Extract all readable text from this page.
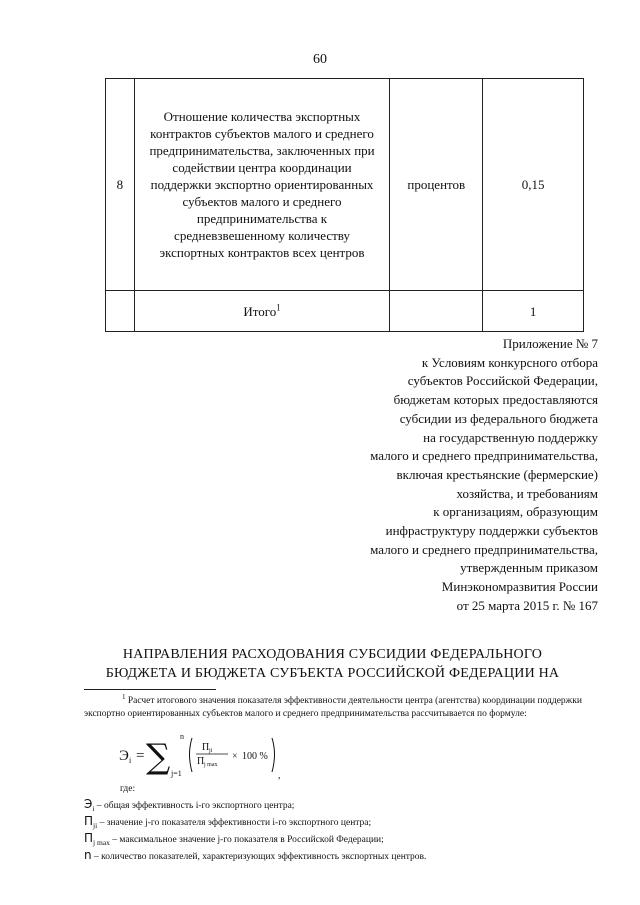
60
8	Отношение количества экспортных контрактов субъектов малого и среднего предпринимательства, заключенных при содействии центра координации поддержки экспортно ориентированных субъектов малого и среднего предпринимательства к средневзвешенному количеству экспортных контрактов всех центров	процентов	0,15
	Итого$^1$		1
Приложение № 7
к Условиям конкурсного отбора
субъектов Российской Федерации,
бюджетам которых предоставляются
субсидии из федерального бюджета
на государственную поддержку
малого и среднего предпринимательства,
включая крестьянские (фермерские)
хозяйства, и требованиям
к организациям, образующим
инфраструктуру поддержки субъектов
малого и среднего предпринимательства,
утвержденным приказом
Минэкономразвития России
от 25 марта 2015 г. № 167
НАПРАВЛЕНИЯ РАСХОДОВАНИЯ СУБСИДИИ ФЕДЕРАЛЬНОГО
БЮДЖЕТА И БЮДЖЕТА СУБЪЕКТА РОССИЙСКОЙ ФЕДЕРАЦИИ НА
$^1$ Расчет итогового значения показателя эффективности деятельности центра (агентства) координации поддержки экспортно ориентированных субъектов малого и среднего предпринимательства рассчитывается по формуле:
Э i = ∑
n
j=1
П ji
П j max
× 100 %
,
где:
$Э_i$ – общая эффективность i-го экспортного центра;
$П_{ji}$ – значение j-го показателя эффективности i-го экспортного центра;
$П_{j max}$ – максимальное значение j-го показателя в Российской Федерации;
n – количество показателей, характеризующих эффективность экспортных центров.
